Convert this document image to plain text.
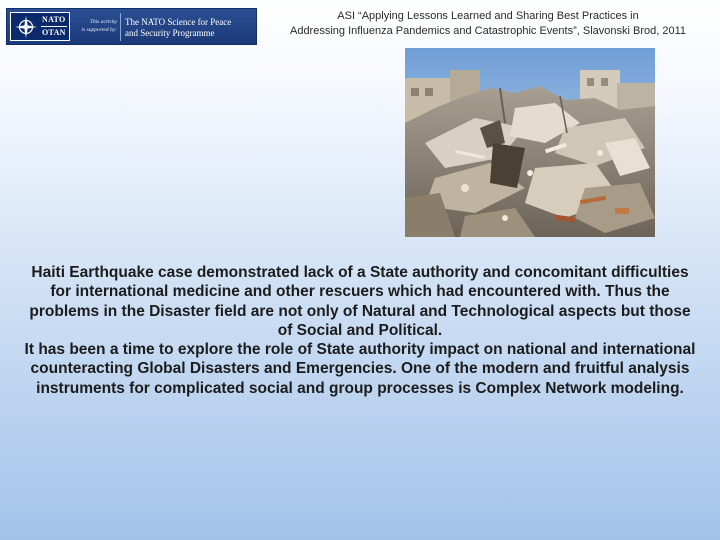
NATO
OTAN
This activity
is supported by:
The NATO Science for Peace
and Security Programme
ASI “Applying Lessons Learned and Sharing Best Practices in
Addressing Influenza Pandemics and Catastrophic Events”, Slavonski Brod, 2011

Haiti Earthquake case demonstrated lack of a State authority and concomitant difficulties for international medicine and other rescuers which had encountered with. Thus the problems in the Disaster field are not only of Natural and Technological aspects but those of Social and Political.

It has been a time to explore the role of State authority impact on national and international counteracting Global Disasters and Emergencies. One of the modern and fruitful analysis instruments for complicated social and group processes is Complex Network modeling.
